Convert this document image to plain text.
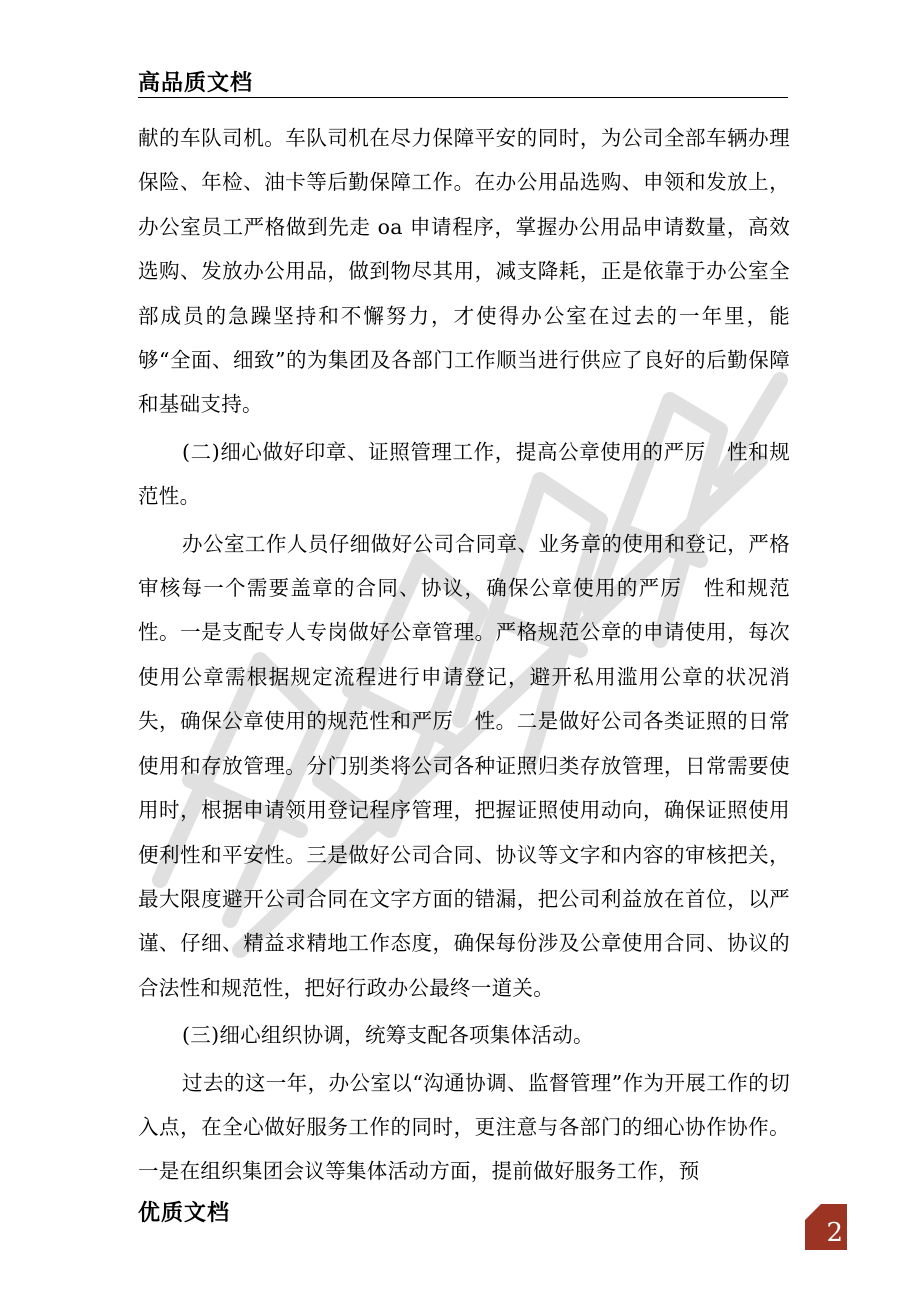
高品质文档

献的车队司机。车队司机在尽力保障平安的同时，为公司全部车辆办理保险、年检、油卡等后勤保障工作。在办公用品选购、申领和发放上，办公室员工严格做到先走 oa 申请程序，掌握办公用品申请数量，高效选购、发放办公用品，做到物尽其用，减支降耗，正是依靠于办公室全部成员的急躁坚持和不懈努力，才使得办公室在过去的一年里，能够“全面、细致”的为集团及各部门工作顺当进行供应了良好的后勤保障和基础支持。

(二)细心做好印章、证照管理工作，提高公章使用的严厉　性和规范性。

办公室工作人员仔细做好公司合同章、业务章的使用和登记，严格审核每一个需要盖章的合同、协议，确保公章使用的严厉　性和规范性。一是支配专人专岗做好公章管理。严格规范公章的申请使用，每次使用公章需根据规定流程进行申请登记，避开私用滥用公章的状况消失，确保公章使用的规范性和严厉　性。二是做好公司各类证照的日常使用和存放管理。分门别类将公司各种证照归类存放管理，日常需要使用时，根据申请领用登记程序管理，把握证照使用动向，确保证照使用便利性和平安性。三是做好公司合同、协议等文字和内容的审核把关，最大限度避开公司合同在文字方面的错漏，把公司利益放在首位，以严谨、仔细、精益求精地工作态度，确保每份涉及公章使用合同、协议的合法性和规范性，把好行政办公最终一道关。

(三)细心组织协调，统筹支配各项集体活动。

过去的这一年，办公室以“沟通协调、监督管理”作为开展工作的切入点，在全心做好服务工作的同时，更注意与各部门的细心协作协作。一是在组织集团会议等集体活动方面，提前做好服务工作，预

优质文档
2
